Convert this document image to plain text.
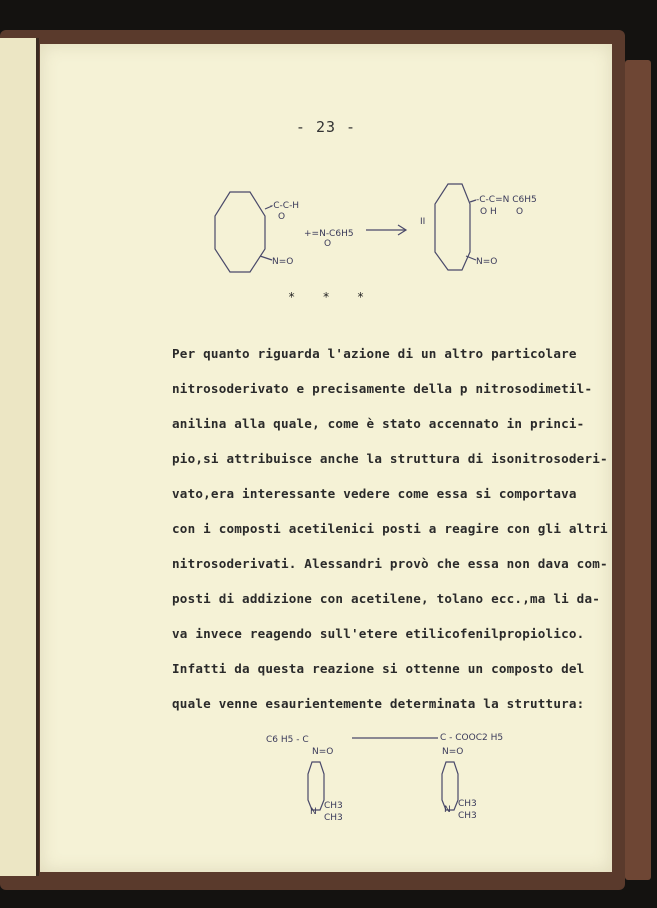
- 23 -
-C-C-H
O
N=O
+=N-C6H5
O
II
-C-C=N C6H5
O H O
N=O
C6 H5 - C
N=O
N
CH3
CH3
C - COOC2 H5
N=O
N
CH3
CH3
* * *
Per quanto riguarda l'azione di un altro particolare
nitrosoderivato e precisamente della p nitrosodimetil-
anilina alla quale, come è stato accennato in princi-
pio,si attribuisce anche la struttura di isonitrosoderi-
vato,era interessante vedere come essa si comportava
con i composti acetilenici posti a reagire con gli altri
nitrosoderivati. Alessandri provò che essa non dava com-
posti di addizione con acetilene, tolano ecc.,ma li da-
va invece reagendo sull'etere etilicofenilpropiolico.
Infatti da questa reazione si ottenne un composto del
quale venne esaurientemente determinata la struttura:
